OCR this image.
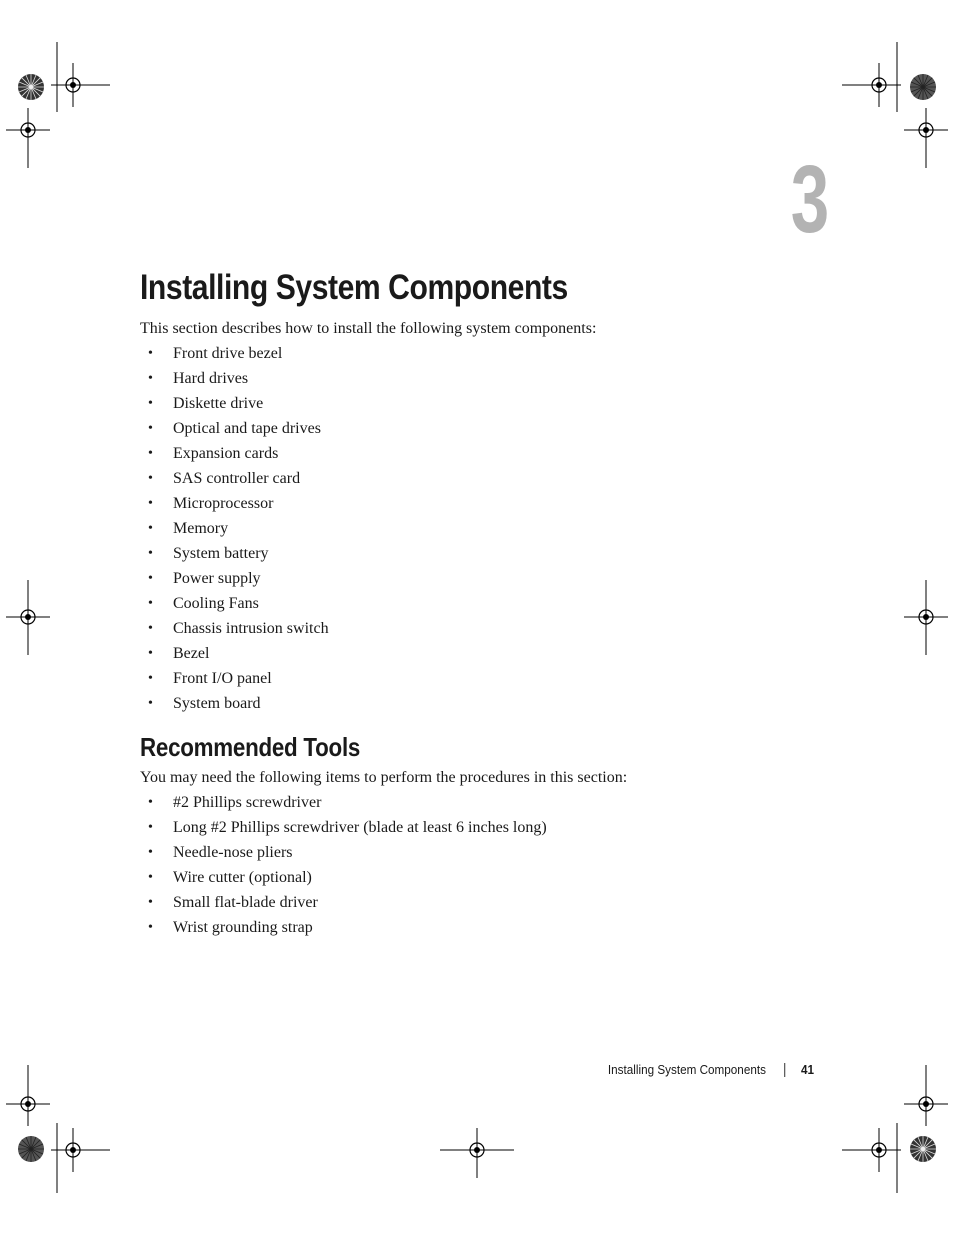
3
Installing System Components

This section describes how to install the following system components:

• Front drive bezel
• Hard drives
• Diskette drive
• Optical and tape drives
• Expansion cards
• SAS controller card
• Microprocessor
• Memory
• System battery
• Power supply
• Cooling Fans
• Chassis intrusion switch
• Bezel
• Front I/O panel
• System board
Recommended Tools

You may need the following items to perform the procedures in this section:

• #2 Phillips screwdriver
• Long #2 Phillips screwdriver (blade at least 6 inches long)
• Needle-nose pliers
• Wire cutter (optional)
• Small flat-blade driver
• Wrist grounding strap
Installing System Components	41
